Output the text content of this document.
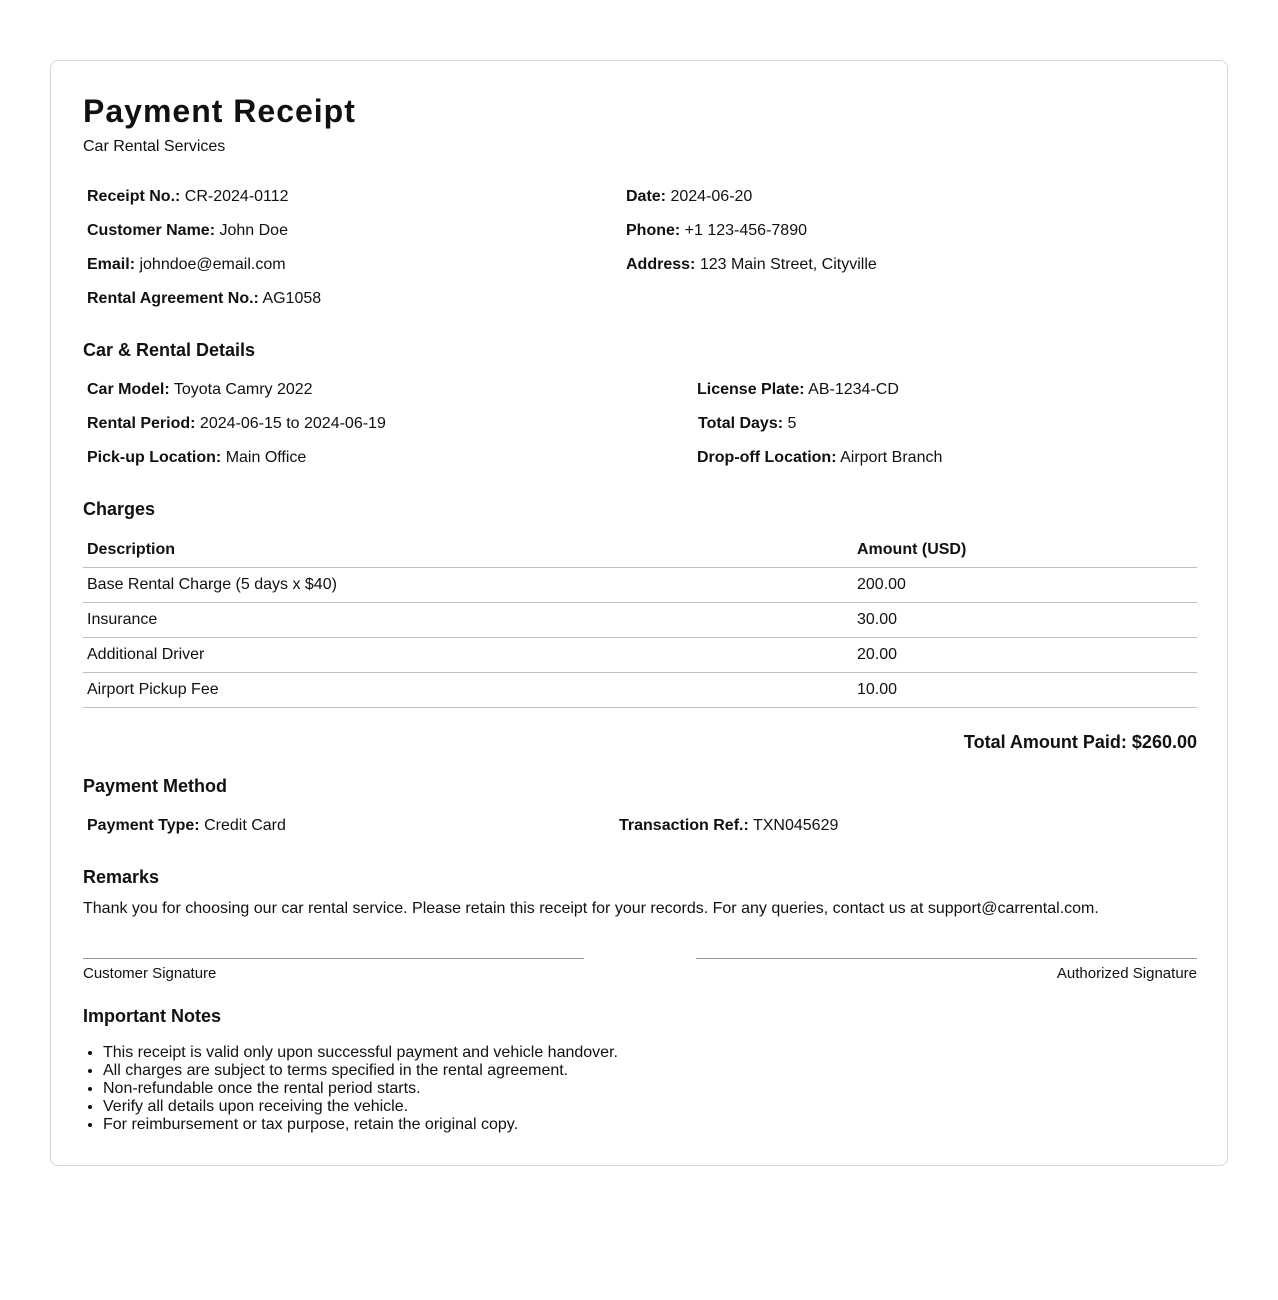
Payment Receipt
Car Rental Services
Receipt No.: CR-2024-0112	Date: 2024-06-20
Customer Name: John Doe	Phone: +1 123-456-7890
Email: johndoe@email.com	Address: 123 Main Street, Cityville
Rental Agreement No.: AG1058
Car & Rental Details
Car Model: Toyota Camry 2022	License Plate: AB-1234-CD
Rental Period: 2024-06-15 to 2024-06-19	Total Days: 5
Pick-up Location: Main Office	Drop-off Location: Airport Branch
Charges
Description	Amount (USD)
Base Rental Charge (5 days x $40)	200.00
Insurance	30.00
Additional Driver	20.00
Airport Pickup Fee	10.00
Total Amount Paid: $260.00
Payment Method
Payment Type: Credit Card	Transaction Ref.: TXN045629
Remarks
Thank you for choosing our car rental service. Please retain this receipt for your records. For any queries, contact us at support@carrental.com.
Customer Signature	Authorized Signature
Important Notes
• This receipt is valid only upon successful payment and vehicle handover.
• All charges are subject to terms specified in the rental agreement.
• Non-refundable once the rental period starts.
• Verify all details upon receiving the vehicle.
• For reimbursement or tax purpose, retain the original copy.
